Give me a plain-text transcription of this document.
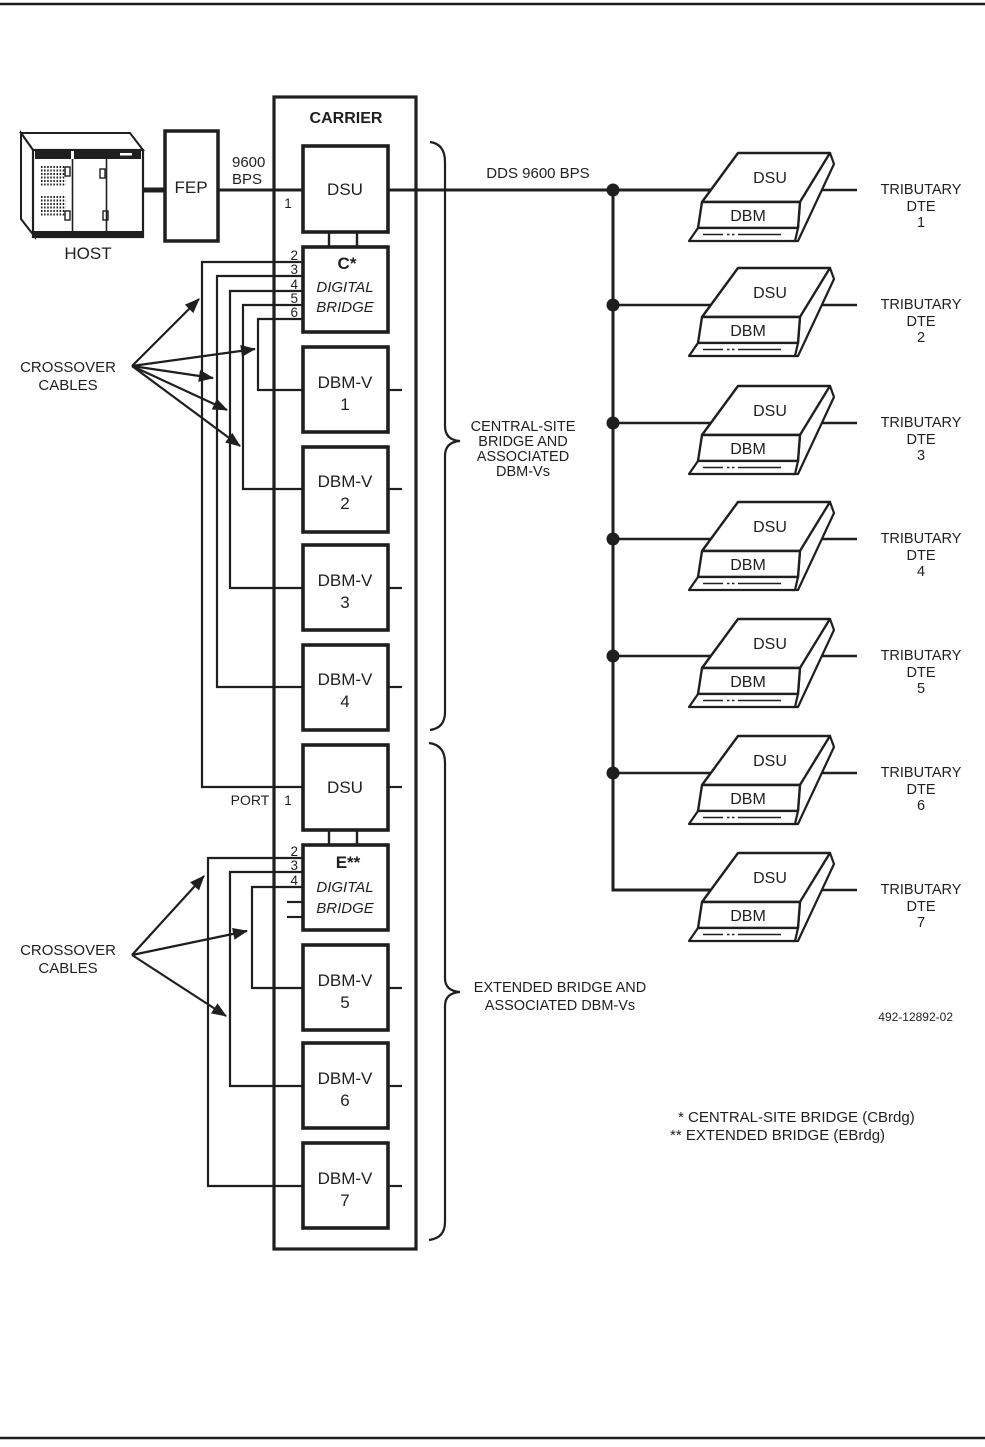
HOST
FEP
9600
BPS	DDS 9600 BPS
CENTRAL-SITE
BRIDGE AND
ASSOCIATED
DBM-Vs
EXTENDED BRIDGE AND
ASSOCIATED DBM-Vs
CARRIER
DSU
1
C*
DIGITAL
BRIDGE
2
3
4
5
6
DBM-V
1
DBM-V
2
DBM-V
3
DBM-V
4
DSU
PORT 1
E**
DIGITAL
BRIDGE
2
3
4
DBM-V
5
DBM-V
6
DBM-V
7
CROSSOVER
CABLES
CROSSOVER
CABLES
DSU
DBM
TRIBUTARY
DTE
1
DSU
DBM
TRIBUTARY
DTE
2
DSU
DBM
TRIBUTARY
DTE
3
DSU
DBM
TRIBUTARY
DTE
4
DSU
DBM
TRIBUTARY
DTE
5
DSU
DBM
TRIBUTARY
DTE
6
DSU
DBM
TRIBUTARY
DTE
7
492-12892-02
* CENTRAL-SITE BRIDGE (CBrdg)
** EXTENDED BRIDGE (EBrdg)
